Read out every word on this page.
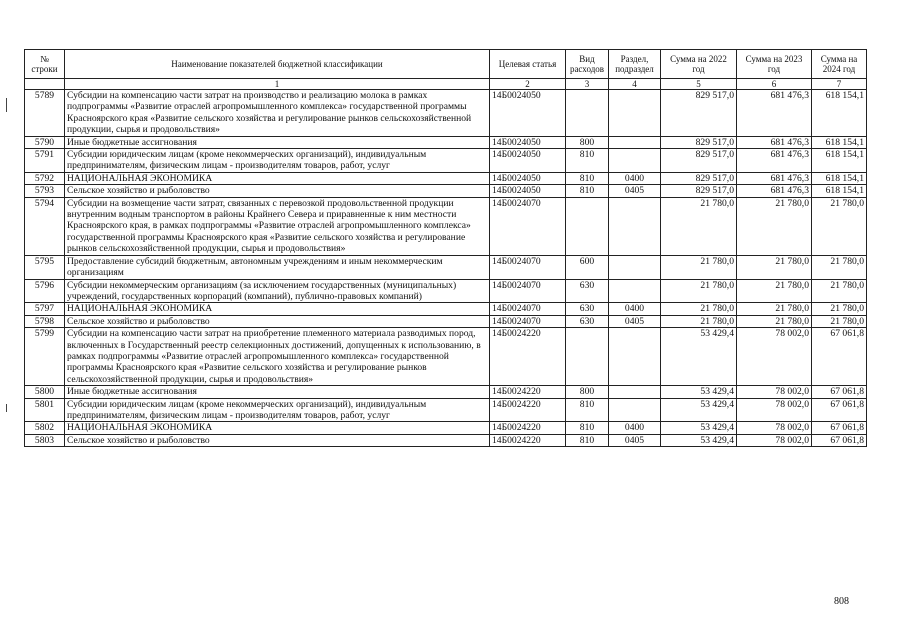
№ строки	Наименование показателей бюджетной классификации	Целевая статья	Вид расходов	Раздел, подраздел	Сумма на 2022 год	Сумма на 2023 год	Сумма на 2024 год
	1	2	3	4	5	6	7
5789	Субсидии на компенсацию части затрат на производство и реализацию молока в рамках подпрограммы «Развитие отраслей агропромышленного комплекса» государственной программы Красноярского края «Развитие сельского хозяйства и регулирование рынков сельскохозяйственной продукции, сырья и продовольствия»	14Б0024050			829 517,0	681 476,3	618 154,1
5790	Иные бюджетные ассигнования	14Б0024050	800		829 517,0	681 476,3	618 154,1
5791	Субсидии юридическим лицам (кроме некоммерческих организаций), индивидуальным предпринимателям, физическим лицам - производителям товаров, работ, услуг	14Б0024050	810		829 517,0	681 476,3	618 154,1
5792	НАЦИОНАЛЬНАЯ ЭКОНОМИКА	14Б0024050	810	0400	829 517,0	681 476,3	618 154,1
5793	Сельское хозяйство и рыболовство	14Б0024050	810	0405	829 517,0	681 476,3	618 154,1
5794	Субсидии на возмещение части затрат, связанных с перевозкой продовольственной продукции внутренним водным транспортом в районы Крайнего Севера и приравненные к ним местности Красноярского края, в рамках подпрограммы «Развитие отраслей агропромышленного комплекса» государственной программы Красноярского края «Развитие сельского хозяйства и регулирование рынков сельскохозяйственной продукции, сырья и продовольствия»	14Б0024070			21 780,0	21 780,0	21 780,0
5795	Предоставление субсидий бюджетным, автономным учреждениям и иным некоммерческим организациям	14Б0024070	600		21 780,0	21 780,0	21 780,0
5796	Субсидии некоммерческим организациям (за исключением государственных (муниципальных) учреждений, государственных корпораций (компаний), публично-правовых компаний)	14Б0024070	630		21 780,0	21 780,0	21 780,0
5797	НАЦИОНАЛЬНАЯ ЭКОНОМИКА	14Б0024070	630	0400	21 780,0	21 780,0	21 780,0
5798	Сельское хозяйство и рыболовство	14Б0024070	630	0405	21 780,0	21 780,0	21 780,0
5799	Субсидии на компенсацию части затрат на приобретение племенного материала разводимых пород, включенных в Государственный реестр селекционных достижений, допущенных к использованию, в рамках подпрограммы «Развитие отраслей агропромышленного комплекса» государственной программы Красноярского края «Развитие сельского хозяйства и регулирование рынков сельскохозяйственной продукции, сырья и продовольствия»	14Б0024220			53 429,4	78 002,0	67 061,8
5800	Иные бюджетные ассигнования	14Б0024220	800		53 429,4	78 002,0	67 061,8
5801	Субсидии юридическим лицам (кроме некоммерческих организаций), индивидуальным предпринимателям, физическим лицам - производителям товаров, работ, услуг	14Б0024220	810		53 429,4	78 002,0	67 061,8
5802	НАЦИОНАЛЬНАЯ ЭКОНОМИКА	14Б0024220	810	0400	53 429,4	78 002,0	67 061,8
5803	Сельское хозяйство и рыболовство	14Б0024220	810	0405	53 429,4	78 002,0	67 061,8
808
